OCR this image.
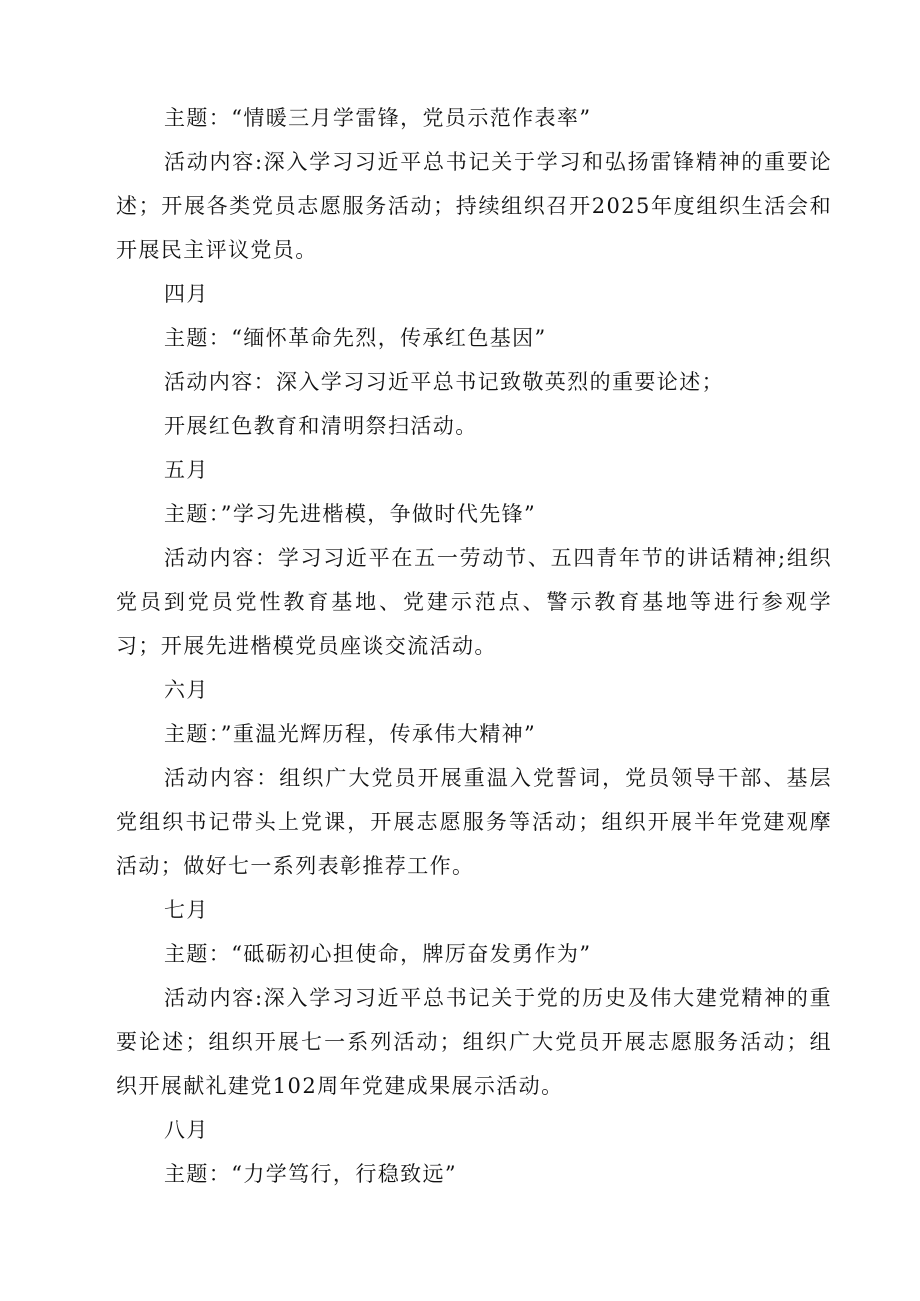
主题：“情暖三月学雷锋，党员示范作表率”

活动内容:深入学习习近平总书记关于学习和弘扬雷锋精神的重要论述；开展各类党员志愿服务活动；持续组织召开2025年度组织生活会和开展民主评议党员。

四月

主题：“缅怀革命先烈，传承红色基因”

活动内容：深入学习习近平总书记致敬英烈的重要论述；

开展红色教育和清明祭扫活动。

五月

主题：”学习先进楷模，争做时代先锋”

活动内容：学习习近平在五一劳动节、五四青年节的讲话精神;组织党员到党员党性教育基地、党建示范点、警示教育基地等进行参观学习；开展先进楷模党员座谈交流活动。

六月

主题：”重温光辉历程，传承伟大精神”

活动内容：组织广大党员开展重温入党誓词，党员领导干部、基层党组织书记带头上党课，开展志愿服务等活动；组织开展半年党建观摩活动；做好七一系列表彰推荐工作。

七月

主题：“砥砺初心担使命，牌厉奋发勇作为”

活动内容:深入学习习近平总书记关于党的历史及伟大建党精神的重要论述；组织开展七一系列活动；组织广大党员开展志愿服务活动；组织开展献礼建党102周年党建成果展示活动。

八月

主题：“力学笃行，行稳致远”
